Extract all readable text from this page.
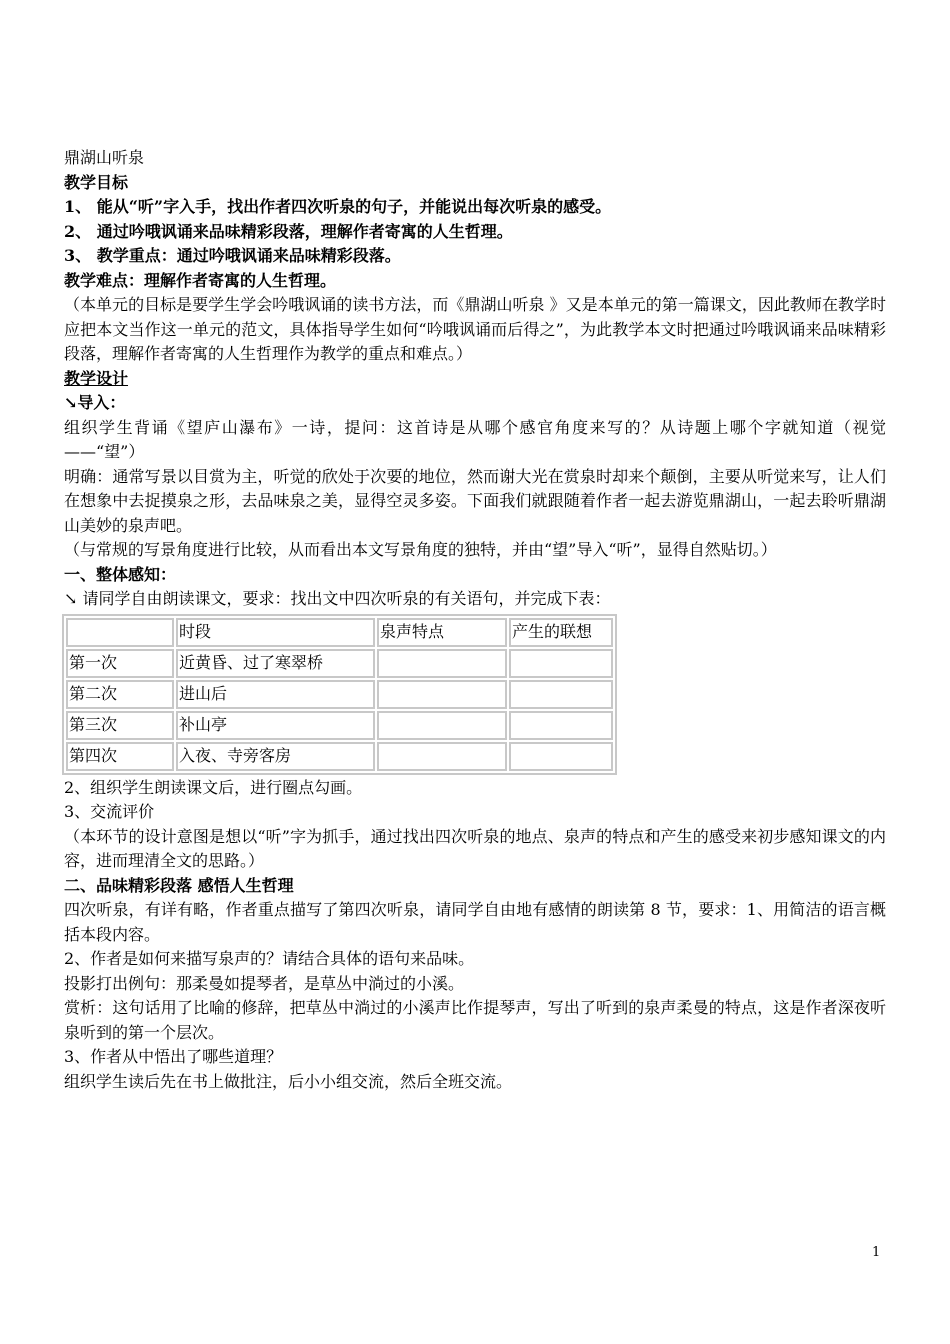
鼎湖山听泉
教学目标
1、 能从“听”字入手，找出作者四次听泉的句子，并能说出每次听泉的感受。
2、 通过吟哦讽诵来品味精彩段落，理解作者寄寓的人生哲理。
3、 教学重点：通过吟哦讽诵来品味精彩段落。
教学难点：理解作者寄寓的人生哲理。
（本单元的目标是要学生学会吟哦讽诵的读书方法，而《鼎湖山听泉 》又是本单元的第一篇课文，因此教师在教学时应把本文当作这一单元的范文，具体指导学生如何“吟哦讽诵而后得之”，为此教学本文时把通过吟哦讽诵来品味精彩段落，理解作者寄寓的人生哲理作为教学的重点和难点。）
教学设计
↘导入：
组织学生背诵《望庐山瀑布》一诗，提问：这首诗是从哪个感官角度来写的？从诗题上哪个字就知道（视觉 ——“望”）
明确：通常写景以目赏为主，听觉的欣处于次要的地位，然而谢大光在赏泉时却来个颠倒，主要从听觉来写，让人们在想象中去捉摸泉之形，去品味泉之美，显得空灵多姿。下面我们就跟随着作者一起去游览鼎湖山，一起去聆听鼎湖山美妙的泉声吧。
（与常规的写景角度进行比较，从而看出本文写景角度的独特，并由“望”导入“听”，显得自然贴切。）
一、整体感知：
↘ 请同学自由朗读课文，要求：找出文中四次听泉的有关语句，并完成下表：
	时段	泉声特点	产生的联想
第一次	近黄昏、过了寒翠桥		
第二次	进山后		
第三次	补山亭		
第四次	入夜、寺旁客房		
2、组织学生朗读课文后，进行圈点勾画。
3、交流评价
（本环节的设计意图是想以“听”字为抓手，通过找出四次听泉的地点、泉声的特点和产生的感受来初步感知课文的内容，进而理清全文的思路。）
二、品味精彩段落 感悟人生哲理
四次听泉，有详有略，作者重点描写了第四次听泉，请同学自由地有感情的朗读第 8 节，要求：1、用简洁的语言概括本段内容。
2、作者是如何来描写泉声的？请结合具体的语句来品味。
投影打出例句：那柔曼如提琴者，是草丛中淌过的小溪。
赏析：这句话用了比喻的修辞，把草丛中淌过的小溪声比作提琴声，写出了听到的泉声柔曼的特点，这是作者深夜听泉听到的第一个层次。
3、作者从中悟出了哪些道理？
组织学生读后先在书上做批注，后小小组交流，然后全班交流。
1
